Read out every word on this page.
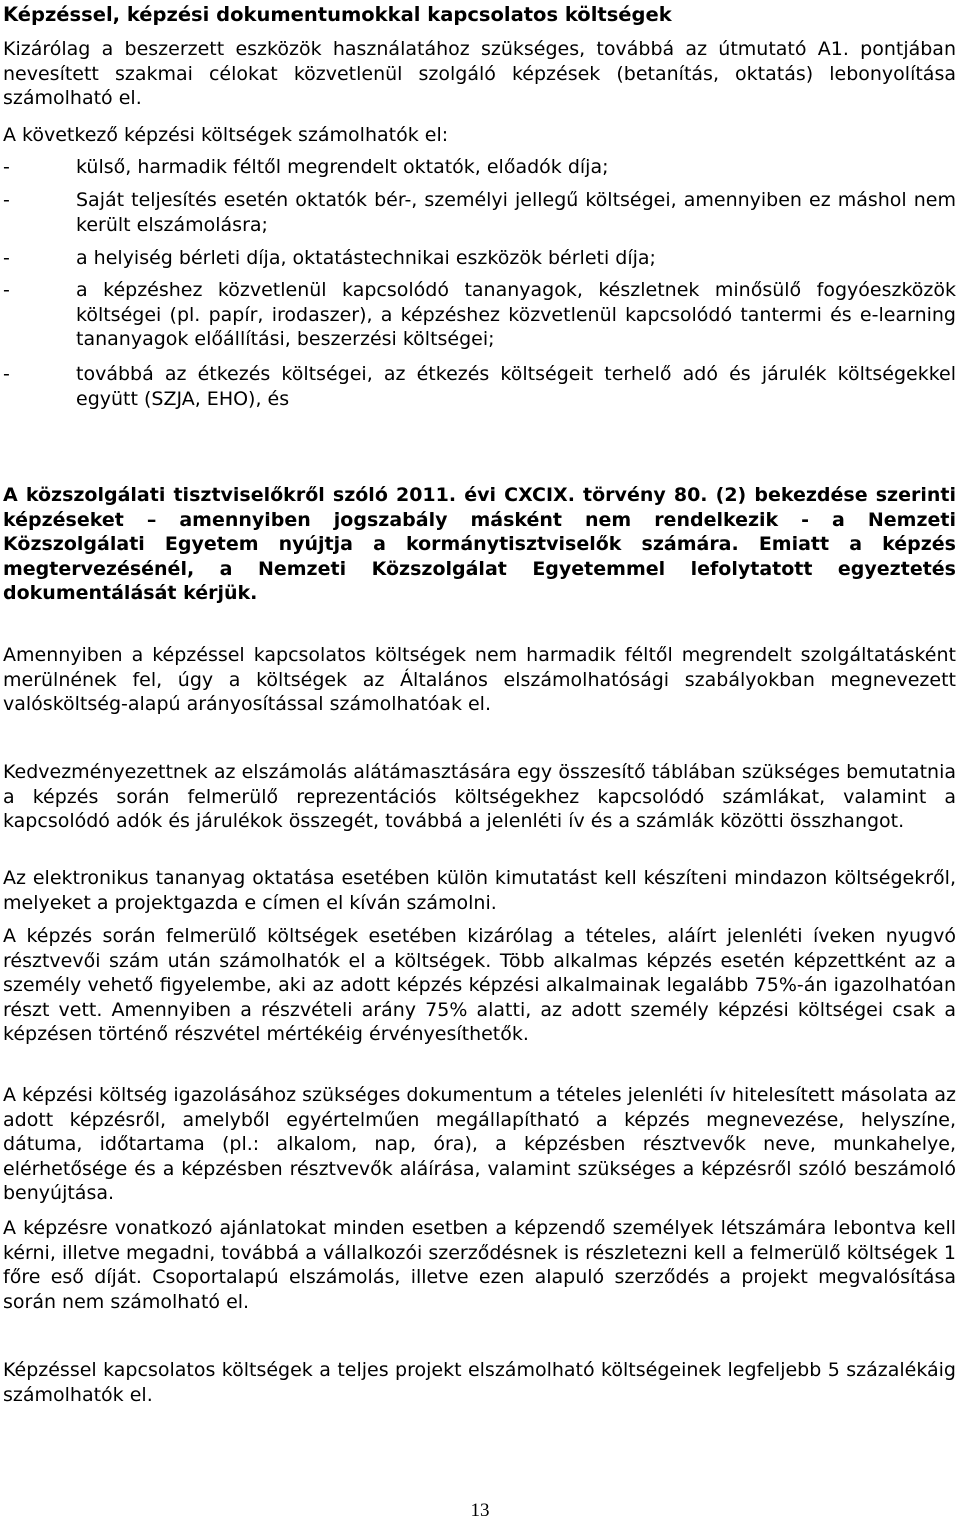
Képzéssel, képzési dokumentumokkal kapcsolatos költségek

Kizárólag a beszerzett eszközök használatához szükséges, továbbá az útmutató A1. pontjában nevesített szakmai célokat közvetlenül szolgáló képzések (betanítás, oktatás) lebonyolítása számolható el.

A következő képzési költségek számolhatók el:

-	külső, harmadik féltől megrendelt oktatók, előadók díja;

-	Saját teljesítés esetén oktatók bér-, személyi jellegű költségei, amennyiben ez máshol nem került elszámolásra;

-	a helyiség bérleti díja, oktatástechnikai eszközök bérleti díja;

-	a képzéshez közvetlenül kapcsolódó tananyagok, készletnek minősülő fogyóeszközök költségei (pl. papír, irodaszer), a képzéshez közvetlenül kapcsolódó tantermi és e-learning tananyagok előállítási, beszerzési költségei;

-	továbbá az étkezés költségei, az étkezés költségeit terhelő adó és járulék költségekkel együtt (SZJA, EHO), és

A közszolgálati tisztviselőkről szóló 2011. évi CXCIX. törvény 80. (2) bekezdése szerinti képzéseket – amennyiben jogszabály másként nem rendelkezik - a Nemzeti Közszolgálati Egyetem nyújtja a kormánytisztviselők számára. Emiatt a képzés megtervezésénél, a Nemzeti Közszolgálat Egyetemmel lefolytatott egyeztetés dokumentálását kérjük.

Amennyiben a képzéssel kapcsolatos költségek nem harmadik féltől megrendelt szolgáltatásként merülnének fel, úgy a költségek az Általános elszámolhatósági szabályokban megnevezett valósköltség-alapú arányosítással számolhatóak el.

Kedvezményezettnek az elszámolás alátámasztására egy összesítő táblában szükséges bemutatnia a képzés során felmerülő reprezentációs költségekhez kapcsolódó számlákat, valamint a kapcsolódó adók és járulékok összegét, továbbá a jelenléti ív és a számlák közötti összhangot.

Az elektronikus tananyag oktatása esetében külön kimutatást kell készíteni mindazon költségekről, melyeket a projektgazda e címen el kíván számolni.

A képzés során felmerülő költségek esetében kizárólag a tételes, aláírt jelenléti íveken nyugvó résztvevői szám után számolhatók el a költségek. Több alkalmas képzés esetén képzettként az a személy vehető figyelembe, aki az adott képzés képzési alkalmainak legalább 75%-án igazolhatóan részt vett. Amennyiben a részvételi arány 75% alatti, az adott személy képzési költségei csak a képzésen történő részvétel mértékéig érvényesíthetők.

A képzési költség igazolásához szükséges dokumentum a tételes jelenléti ív hitelesített másolata az adott képzésről, amelyből egyértelműen megállapítható a képzés megnevezése, helyszíne, dátuma, időtartama (pl.: alkalom, nap, óra), a képzésben résztvevők neve, munkahelye, elérhetősége és a képzésben résztvevők aláírása, valamint szükséges a képzésről szóló beszámoló benyújtása.

A képzésre vonatkozó ajánlatokat minden esetben a képzendő személyek létszámára lebontva kell kérni, illetve megadni, továbbá a vállalkozói szerződésnek is részletezni kell a felmerülő költségek 1 főre eső díját. Csoportalapú elszámolás, illetve ezen alapuló szerződés a projekt megvalósítása során nem számolható el.

Képzéssel kapcsolatos költségek a teljes projekt elszámolható költségeinek legfeljebb 5 százalékáig számolhatók el.

13
